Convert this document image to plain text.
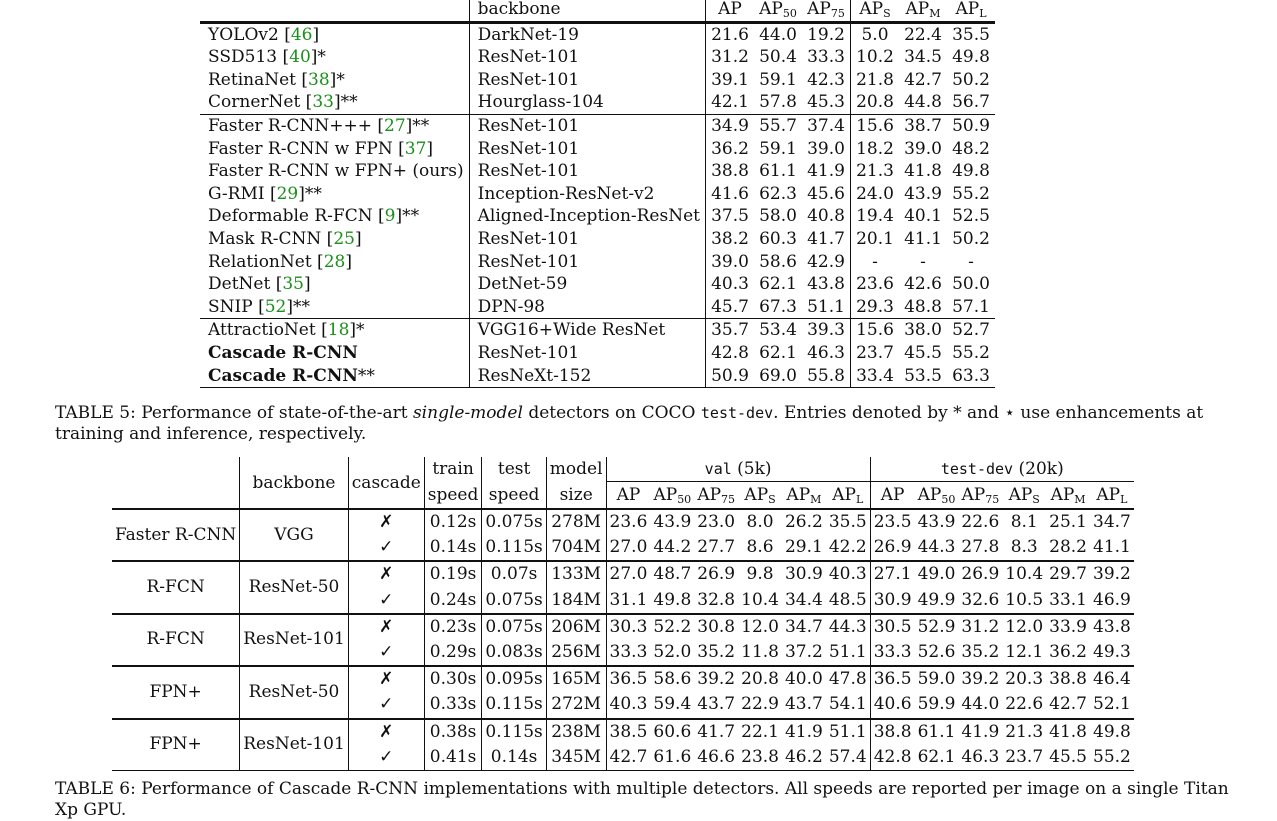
	backbone	AP	$AP_{50}$	$AP_{75}$	$AP_S$	$AP_M$	$AP_L$
YOLOv2 [46]	DarkNet-19	21.6	44.0	19.2	5.0	22.4	35.5
SSD513 [40]*	ResNet-101	31.2	50.4	33.3	10.2	34.5	49.8
RetinaNet [38]*	ResNet-101	39.1	59.1	42.3	21.8	42.7	50.2
CornerNet [33]**	Hourglass-104	42.1	57.8	45.3	20.8	44.8	56.7
Faster R-CNN+++ [27]**	ResNet-101	34.9	55.7	37.4	15.6	38.7	50.9
Faster R-CNN w FPN [37]	ResNet-101	36.2	59.1	39.0	18.2	39.0	48.2
Faster R-CNN w FPN+ (ours)	ResNet-101	38.8	61.1	41.9	21.3	41.8	49.8
G-RMI [29]**	Inception-ResNet-v2	41.6	62.3	45.6	24.0	43.9	55.2
Deformable R-FCN [9]**	Aligned-Inception-ResNet	37.5	58.0	40.8	19.4	40.1	52.5
Mask R-CNN [25]	ResNet-101	38.2	60.3	41.7	20.1	41.1	50.2
RelationNet [28]	ResNet-101	39.0	58.6	42.9	-	-	-
DetNet [35]	DetNet-59	40.3	62.1	43.8	23.6	42.6	50.0
SNIP [52]**	DPN-98	45.7	67.3	51.1	29.3	48.8	57.1
AttractioNet [18]*	VGG16+Wide ResNet	35.7	53.4	39.3	15.6	38.0	52.7
Cascade R-CNN	ResNet-101	42.8	62.1	46.3	23.7	45.5	55.2
Cascade R-CNN**	ResNeXt-152	50.9	69.0	55.8	33.4	53.5	63.3
TABLE 5: Performance of state-of-the-art single-model detectors on COCO test-dev. Entries denoted by * and ⋆ use enhancements at training and inference, respectively.
	backbone	cascade	train	test	model	val (5k)						test-dev (20k)					
			speed	speed	size	AP	$AP_{50}$	$AP_{75}$	$AP_S$	$AP_M$	$AP_L$	AP	$AP_{50}$	$AP_{75}$	$AP_S$	$AP_M$	$AP_L$
Faster R-CNN	VGG	✗	0.12s	0.075s	278M	23.6	43.9	23.0	8.0	26.2	35.5	23.5	43.9	22.6	8.1	25.1	34.7
		✓	0.14s	0.115s	704M	27.0	44.2	27.7	8.6	29.1	42.2	26.9	44.3	27.8	8.3	28.2	41.1
R-FCN	ResNet-50	✗	0.19s	0.07s	133M	27.0	48.7	26.9	9.8	30.9	40.3	27.1	49.0	26.9	10.4	29.7	39.2
		✓	0.24s	0.075s	184M	31.1	49.8	32.8	10.4	34.4	48.5	30.9	49.9	32.6	10.5	33.1	46.9
R-FCN	ResNet-101	✗	0.23s	0.075s	206M	30.3	52.2	30.8	12.0	34.7	44.3	30.5	52.9	31.2	12.0	33.9	43.8
		✓	0.29s	0.083s	256M	33.3	52.0	35.2	11.8	37.2	51.1	33.3	52.6	35.2	12.1	36.2	49.3
FPN+	ResNet-50	✗	0.30s	0.095s	165M	36.5	58.6	39.2	20.8	40.0	47.8	36.5	59.0	39.2	20.3	38.8	46.4
		✓	0.33s	0.115s	272M	40.3	59.4	43.7	22.9	43.7	54.1	40.6	59.9	44.0	22.6	42.7	52.1
FPN+	ResNet-101	✗	0.38s	0.115s	238M	38.5	60.6	41.7	22.1	41.9	51.1	38.8	61.1	41.9	21.3	41.8	49.8
		✓	0.41s	0.14s	345M	42.7	61.6	46.6	23.8	46.2	57.4	42.8	62.1	46.3	23.7	45.5	55.2
TABLE 6: Performance of Cascade R-CNN implementations with multiple detectors. All speeds are reported per image on a single Titan Xp GPU.
